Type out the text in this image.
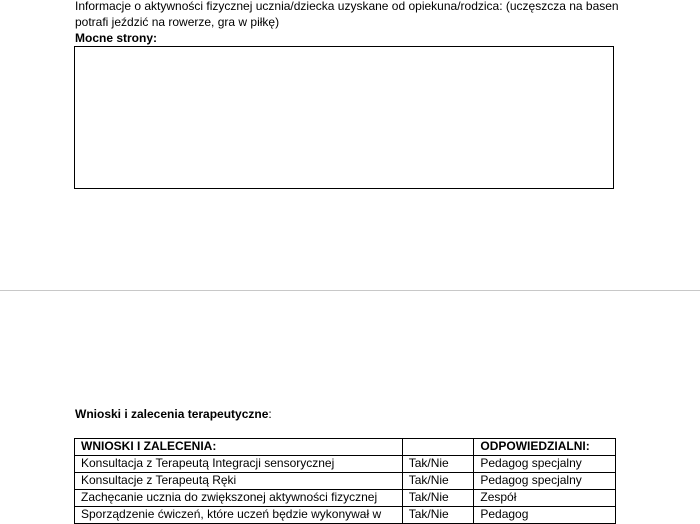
Informacje o aktywności fizycznej ucznia/dziecka uzyskane od opiekuna/rodzica: (uczęszcza na basen potrafi jeździć na rowerze, gra w piłkę)
Mocne strony:
Wnioski i zalecenia terapeutyczne:
WNIOSKI I ZALECENIA:		ODPOWIEDZIALNI:
Konsultacja z Terapeutą Integracji sensorycznej	Tak/Nie	Pedagog specjalny
Konsultacje z Terapeutą Ręki	Tak/Nie	Pedagog specjalny
Zachęcanie ucznia do zwiększonej aktywności fizycznej	Tak/Nie	Zespół
Sporządzenie ćwiczeń, które uczeń będzie wykonywał w	Tak/Nie	Pedagog
